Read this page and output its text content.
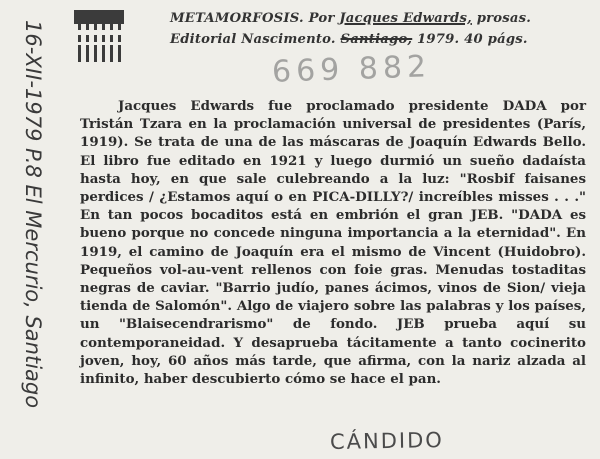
16-XII-1979 P.8 El Mercurio, Santiago
METAMORFOSIS. Por Jacques Edwards, prosas. Editorial Nascimento. Santiago, 1979. 40 págs.
669 882

Jacques Edwards fue proclamado presidente DADA por Tristán Tzara en la proclamación universal de presidentes (París, 1919). Se trata de una de las máscaras de Joaquín Edwards Bello. El libro fue editado en 1921 y luego durmió un sueño dadaísta hasta hoy, en que sale culebreando a la luz: "Rosbif faisanes perdices / ¿Estamos aquí o en PICA-DILLY?/ increíbles misses . . ." En tan pocos bocaditos está en embrión el gran JEB. "DADA es bueno porque no concede ninguna importancia a la eternidad". En 1919, el camino de Joaquín era el mismo de Vincent (Huidobro). Pequeños vol-au-vent rellenos con foie gras. Menudas tostaditas negras de caviar. "Barrio judío, panes ácimos, vinos de Sion/ vieja tienda de Salomón". Algo de viajero sobre las palabras y los países, un "Blaisecendrarismo" de fondo. JEB prueba aquí su contemporaneidad. Y desaprueba tácitamente a tanto cocinerito joven, hoy, 60 años más tarde, que afirma, con la nariz alzada al infinito, haber descubierto cómo se hace el pan.

CÁNDIDO
